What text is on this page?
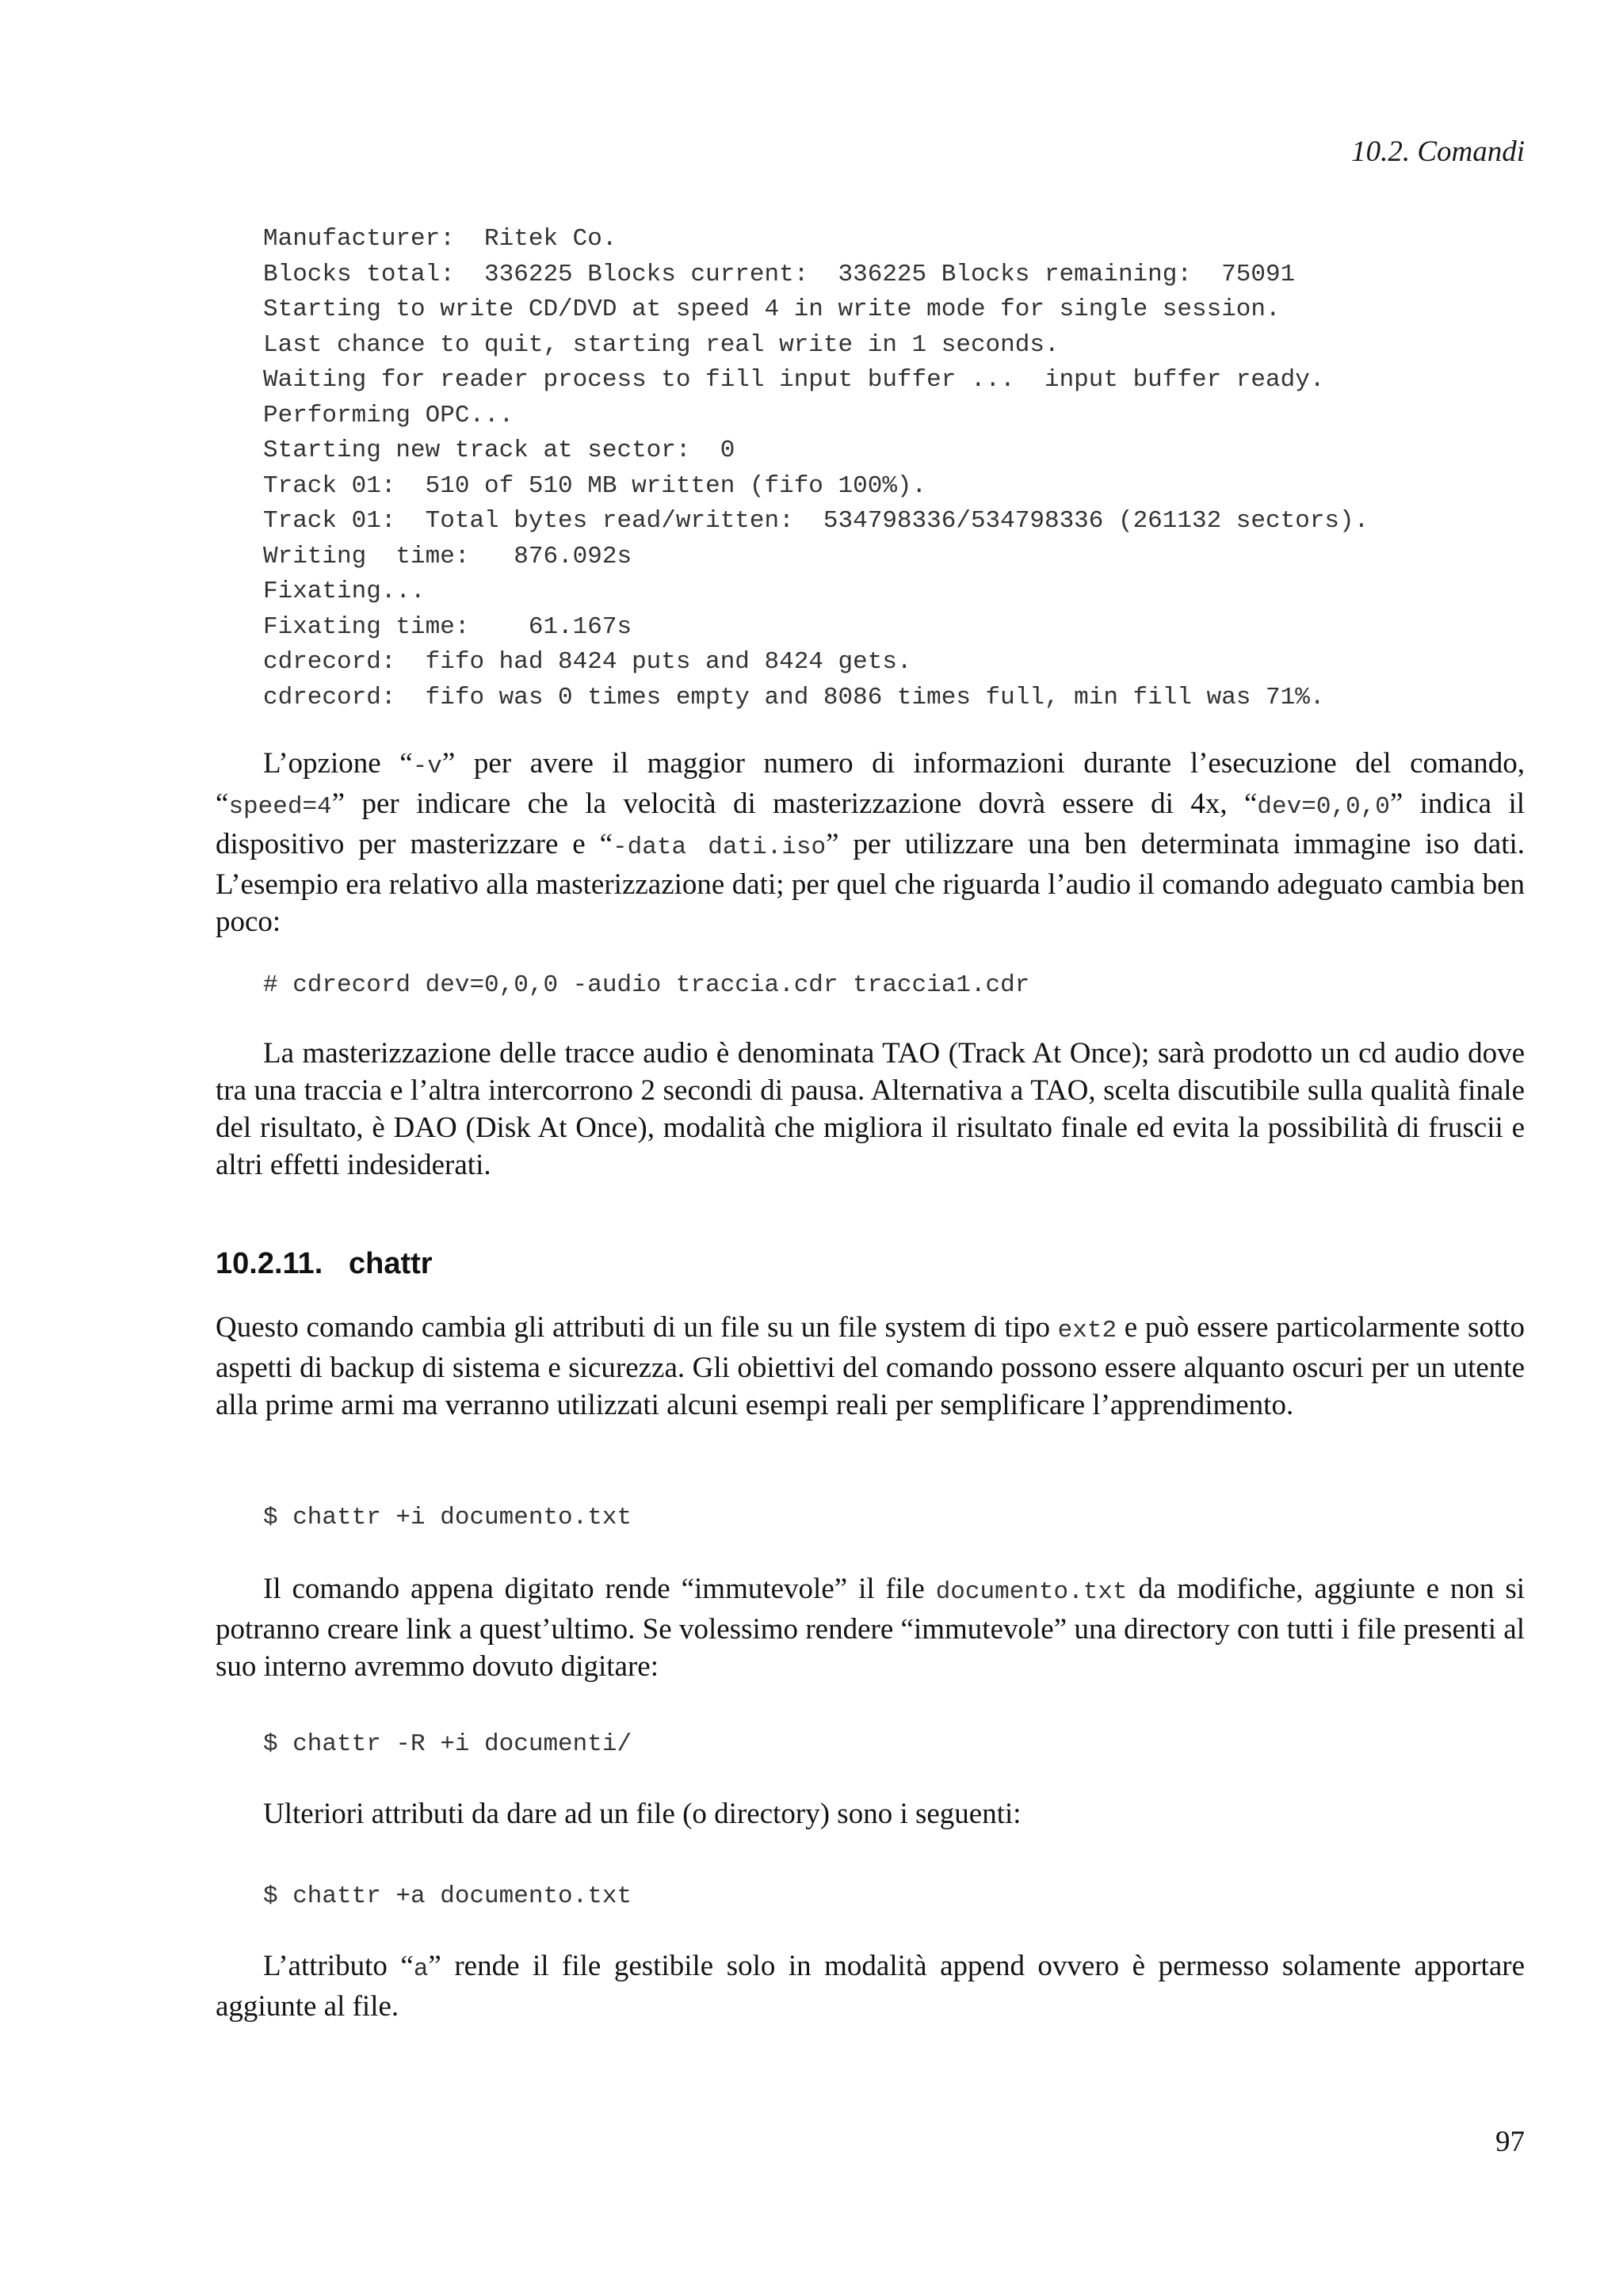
10.2. Comandi
Manufacturer:  Ritek Co.
Blocks total:  336225 Blocks current:  336225 Blocks remaining:  75091
Starting to write CD/DVD at speed 4 in write mode for single session.
Last chance to quit, starting real write in 1 seconds.
Waiting for reader process to fill input buffer ...  input buffer ready.
Performing OPC...
Starting new track at sector:  0
Track 01:  510 of 510 MB written (fifo 100%).
Track 01:  Total bytes read/written:  534798336/534798336 (261132 sectors).
Writing  time:   876.092s
Fixating...
Fixating time:    61.167s
cdrecord:  fifo had 8424 puts and 8424 gets.
cdrecord:  fifo was 0 times empty and 8086 times full, min fill was 71%.

L’opzione “-v” per avere il maggior numero di informazioni durante l’esecuzione del comando, “speed=4” per indicare che la velocità di masterizzazione dovrà essere di 4x, “dev=0,0,0” indica il dispositivo per masterizzare e “-data dati.iso” per utilizzare una ben determinata immagine iso dati. L’esempio era relativo alla masterizzazione dati; per quel che riguarda l’audio il comando adeguato cambia ben poco:

# cdrecord dev=0,0,0 -audio traccia.cdr traccia1.cdr

La masterizzazione delle tracce audio è denominata TAO (Track At Once); sarà prodotto un cd audio dove tra una traccia e l’altra intercorrono 2 secondi di pausa. Alternativa a TAO, scelta discutibile sulla qualità finale del risultato, è DAO (Disk At Once), modalità che migliora il risultato finale ed evita la possibilità di fruscii e altri effetti indesiderati.

10.2.11. chattr

Questo comando cambia gli attributi di un file su un file system di tipo ext2 e può essere particolarmente sotto aspetti di backup di sistema e sicurezza. Gli obiettivi del comando possono essere alquanto oscuri per un utente alla prime armi ma verranno utilizzati alcuni esempi reali per semplificare l’apprendimento.

$ chattr +i documento.txt

Il comando appena digitato rende “immutevole” il file documento.txt da modifiche, aggiunte e non si potranno creare link a quest’ultimo. Se volessimo rendere “immutevole” una directory con tutti i file presenti al suo interno avremmo dovuto digitare:

$ chattr -R +i documenti/

Ulteriori attributi da dare ad un file (o directory) sono i seguenti:

$ chattr +a documento.txt

L’attributo “a” rende il file gestibile solo in modalità append ovvero è permesso solamente apportare aggiunte al file.

97
